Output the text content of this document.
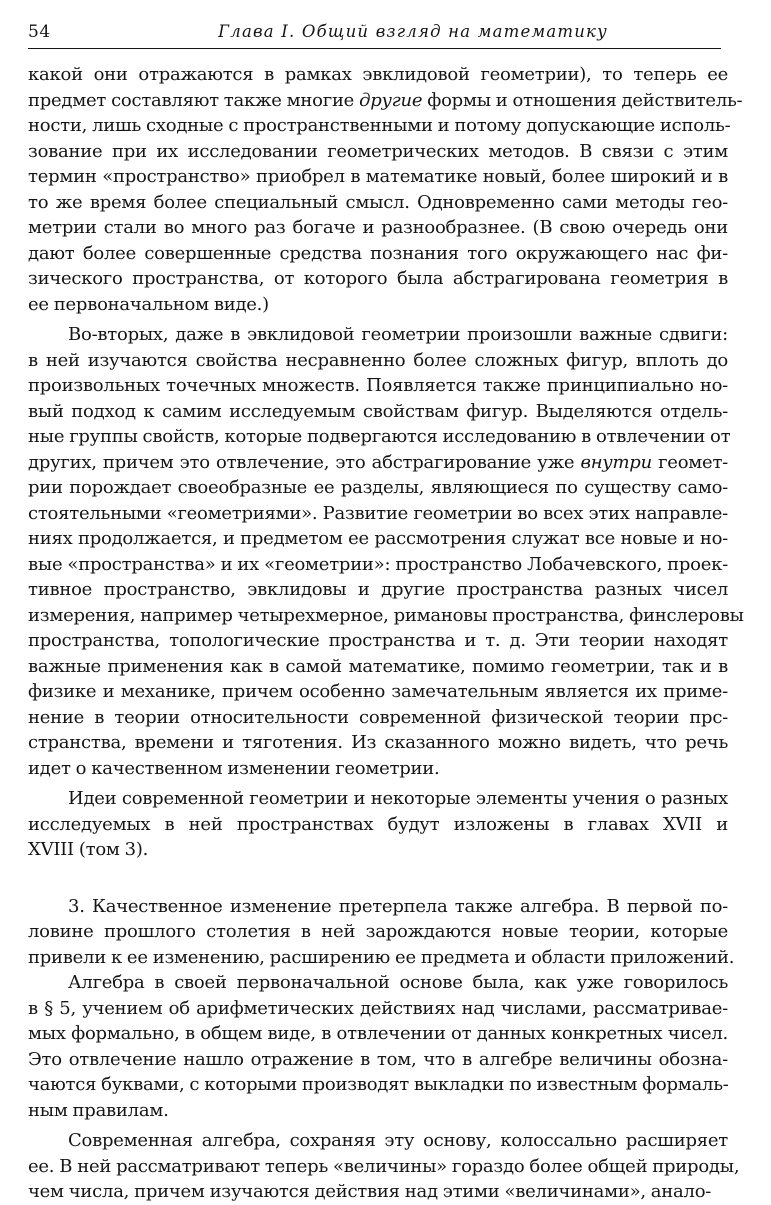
54	Глава I. Общий взгляд на математику
какой они отражаются в рамках эвклидовой геометрии), то теперь ее
предмет составляют также многие другие формы и отношения действитель-
ности, лишь сходные с пространственными и потому допускающие исполь-
зование при их исследовании геометрических методов. В связи с этим
термин «пространство» приобрел в математике новый, более широкий и в
то же время более специальный смысл. Одновременно сами методы гео-
метрии стали во много раз богаче и разнообразнее. (В свою очередь они
дают более совершенные средства познания того окружающего нас фи-
зического пространства, от которого была абстрагирована геометрия в
ее первоначальном виде.)
Во-вторых, даже в эвклидовой геометрии произошли важные сдвиги:
в ней изучаются свойства несравненно более сложных фигур, вплоть до
произвольных точечных множеств. Появляется также принципиально но-
вый подход к самим исследуемым свойствам фигур. Выделяются отдель-
ные группы свойств, которые подвергаются исследованию в отвлечении от
других, причем это отвлечение, это абстрагирование уже внутри геомет-
рии порождает своеобразные ее разделы, являющиеся по существу само-
стоятельными «геометриями». Развитие геометрии во всех этих направле-
ниях продолжается, и предметом ее рассмотрения служат все новые и но-
вые «пространства» и их «геометрии»: пространство Лобачевского, проек-
тивное пространство, эвклидовы и другие пространства разных чисел
измерения, например четырехмерное, римановы пространства, финслеровы
пространства, топологические пространства и т. д. Эти теории находят
важные применения как в самой математике, помимо геометрии, так и в
физике и механике, причем особенно замечательным является их приме-
нение в теории относительности современной физической теории прс-
странства, времени и тяготения. Из сказанного можно видеть, что речь
идет о качественном изменении геометрии.
Идеи современной геометрии и некоторые элементы учения о разных
исследуемых в ней пространствах будут изложены в главах XVII и
XVIII (том 3).
3. Качественное изменение претерпела также алгебра. В первой по-
ловине прошлого столетия в ней зарождаются новые теории, которые
привели к ее изменению, расширению ее предмета и области приложений.
Алгебра в своей первоначальной основе была, как уже говорилось
в § 5, учением об арифметических действиях над числами, рассматривае-
мых формально, в общем виде, в отвлечении от данных конкретных чисел.
Это отвлечение нашло отражение в том, что в алгебре величины обозна-
чаются буквами, с которыми производят выкладки по известным формаль-
ным правилам.
Современная алгебра, сохраняя эту основу, колоссально расширяет
ее. В ней рассматривают теперь «величины» гораздо более общей природы,
чем числа, причем изучаются действия над этими «величинами», анало-
